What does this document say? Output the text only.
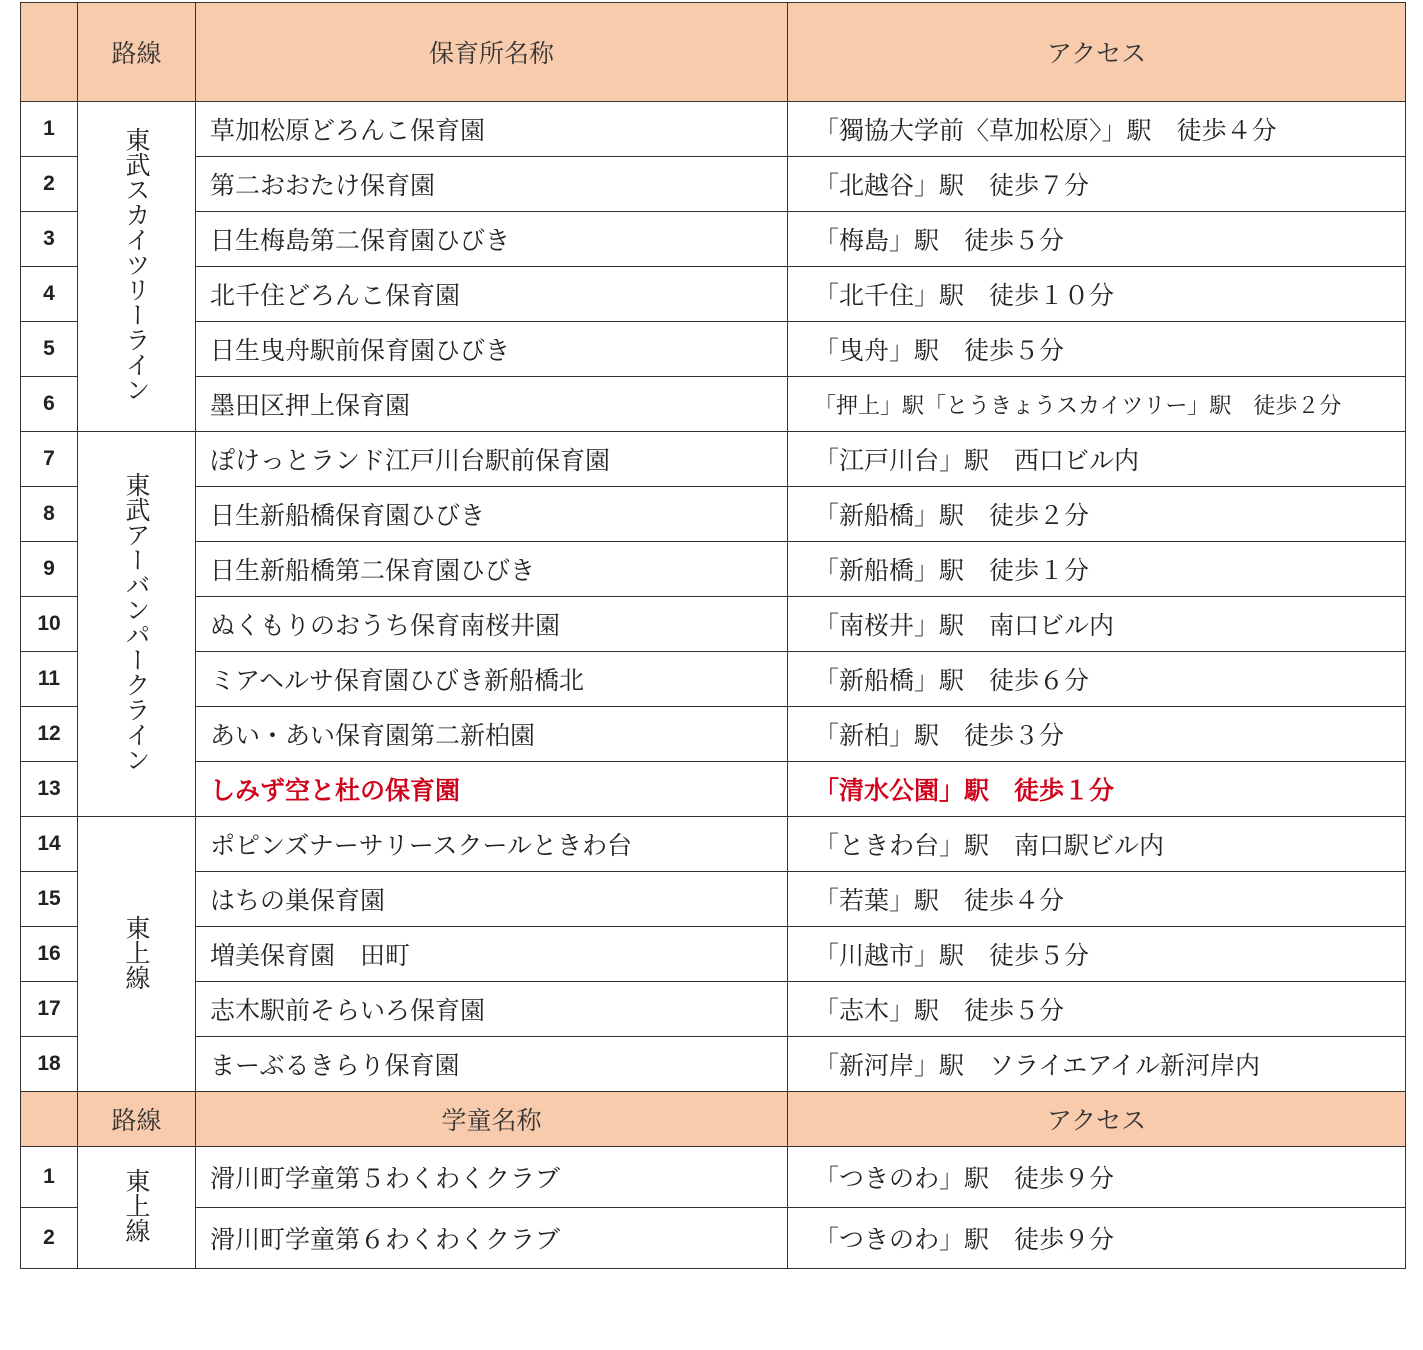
	路線	保育所名称	アクセス
1	東武スカイツリーライン	草加松原どろんこ保育園	「獨協大学前〈草加松原〉」駅　徒歩４分
2		第二おおたけ保育園	「北越谷」駅　徒歩７分
3		日生梅島第二保育園ひびき	「梅島」駅　徒歩５分
4		北千住どろんこ保育園	「北千住」駅　徒歩１０分
5		日生曳舟駅前保育園ひびき	「曳舟」駅　徒歩５分
6		墨田区押上保育園	「押上」駅「とうきょうスカイツリー」駅　徒歩２分
7	東武アーバンパークライン	ぽけっとランド江戸川台駅前保育園	「江戸川台」駅　西口ビル内
8		日生新船橋保育園ひびき	「新船橋」駅　徒歩２分
9		日生新船橋第二保育園ひびき	「新船橋」駅　徒歩１分
10		ぬくもりのおうち保育南桜井園	「南桜井」駅　南口ビル内
11		ミアヘルサ保育園ひびき新船橋北	「新船橋」駅　徒歩６分
12		あい・あい保育園第二新柏園	「新柏」駅　徒歩３分
13		しみず空と杜の保育園	「清水公園」駅　徒歩１分
14	東上線	ポピンズナーサリースクールときわ台	「ときわ台」駅　南口駅ビル内
15		はちの巣保育園	「若葉」駅　徒歩４分
16		増美保育園　田町	「川越市」駅　徒歩５分
17		志木駅前そらいろ保育園	「志木」駅　徒歩５分
18		まーぶるきらり保育園	「新河岸」駅　ソライエアイル新河岸内
	路線	学童名称	アクセス
1	東上線	滑川町学童第５わくわくクラブ	「つきのわ」駅　徒歩９分
2		滑川町学童第６わくわくクラブ	「つきのわ」駅　徒歩９分
